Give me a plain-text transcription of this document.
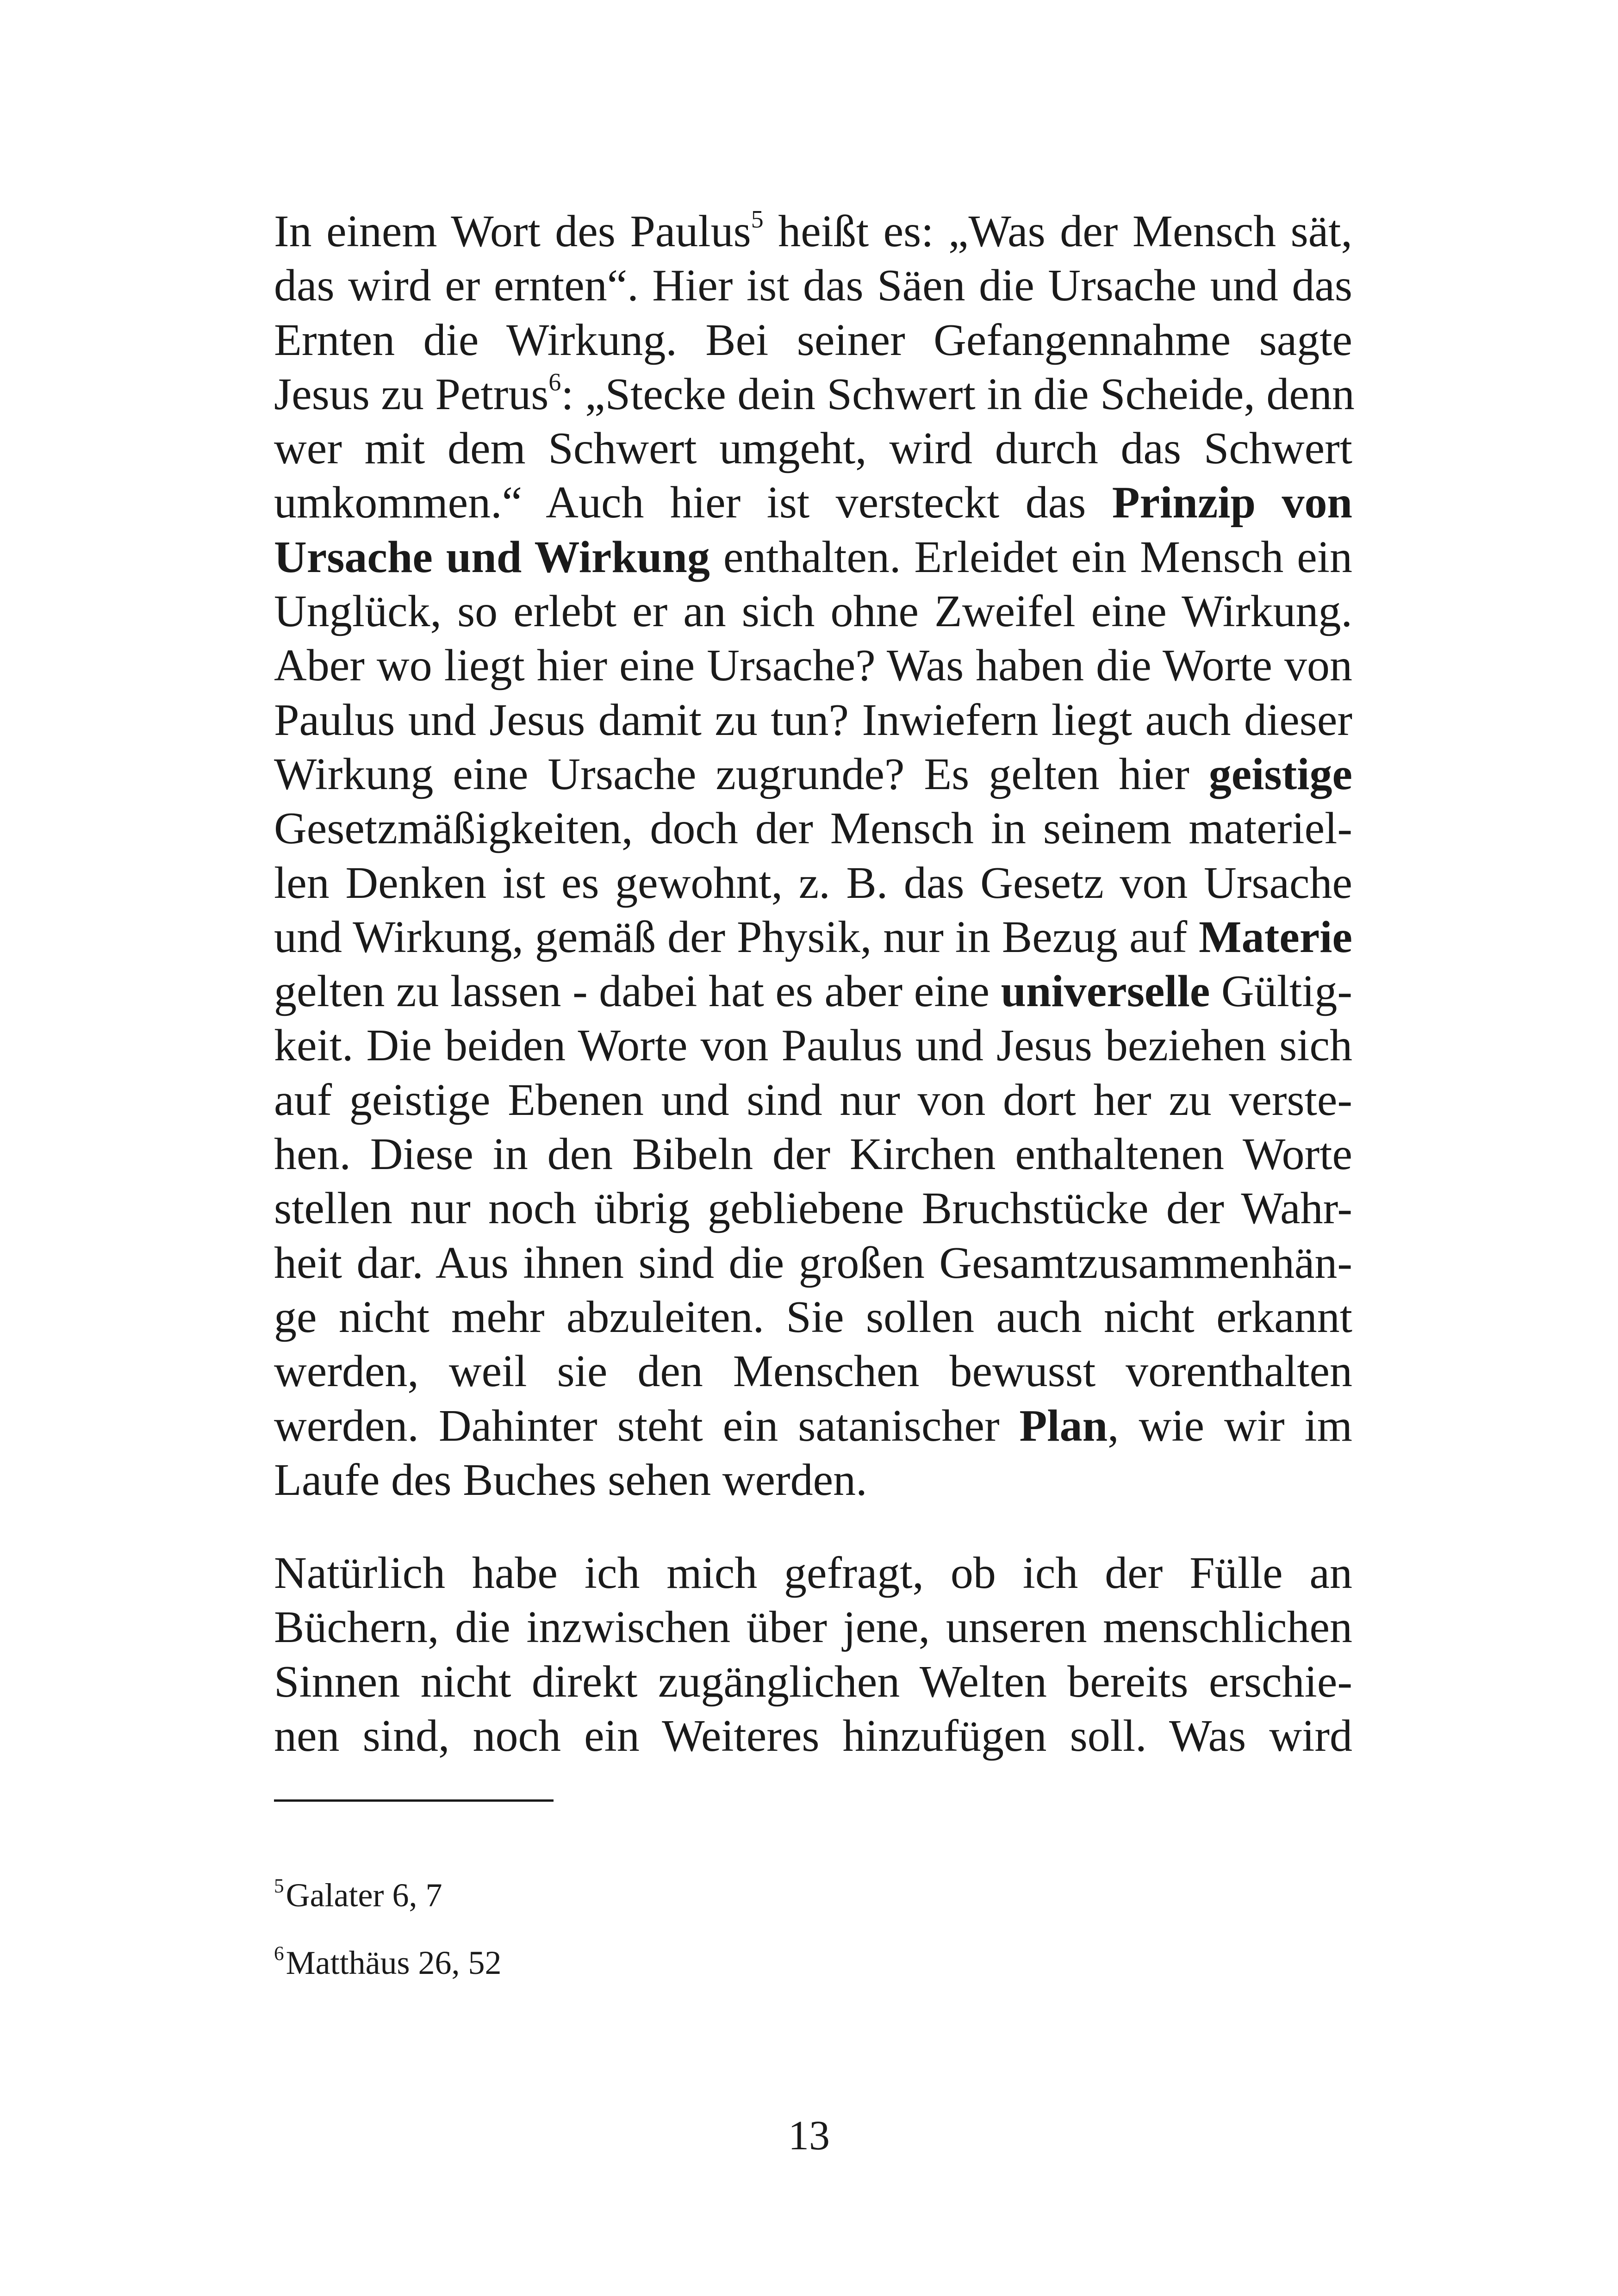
In einem Wort des Paulus$^5$ heißt es: „Was der Mensch sät,
das wird er ernten“. Hier ist das Säen die Ursache und das
Ernten die Wirkung. Bei seiner Gefangennahme sagte
Jesus zu Petrus$^6$: „Stecke dein Schwert in die Scheide, denn
wer mit dem Schwert umgeht, wird durch das Schwert
umkommen.“ Auch hier ist versteckt das Prinzip von
Ursache und Wirkung enthalten. Erleidet ein Mensch ein
Unglück, so erlebt er an sich ohne Zweifel eine Wirkung.
Aber wo liegt hier eine Ursache? Was haben die Worte von
Paulus und Jesus damit zu tun? Inwiefern liegt auch dieser
Wirkung eine Ursache zugrunde? Es gelten hier geistige
Gesetzmäßigkeiten, doch der Mensch in seinem materiel-
len Denken ist es gewohnt, z. B. das Gesetz von Ursache
und Wirkung, gemäß der Physik, nur in Bezug auf Materie
gelten zu lassen - dabei hat es aber eine universelle Gültig-
keit. Die beiden Worte von Paulus und Jesus beziehen sich
auf geistige Ebenen und sind nur von dort her zu verste-
hen. Diese in den Bibeln der Kirchen enthaltenen Worte
stellen nur noch übrig gebliebene Bruchstücke der Wahr-
heit dar. Aus ihnen sind die großen Gesamtzusammenhän-
ge nicht mehr abzuleiten. Sie sollen auch nicht erkannt
werden, weil sie den Menschen bewusst vorenthalten
werden. Dahinter steht ein satanischer Plan, wie wir im
Laufe des Buches sehen werden.
Natürlich habe ich mich gefragt, ob ich der Fülle an
Büchern, die inzwischen über jene, unseren menschlichen
Sinnen nicht direkt zugänglichen Welten bereits erschie-
nen sind, noch ein Weiteres hinzufügen soll. Was wird
$^5$Galater 6, 7
$^6$Matthäus 26, 52
13
